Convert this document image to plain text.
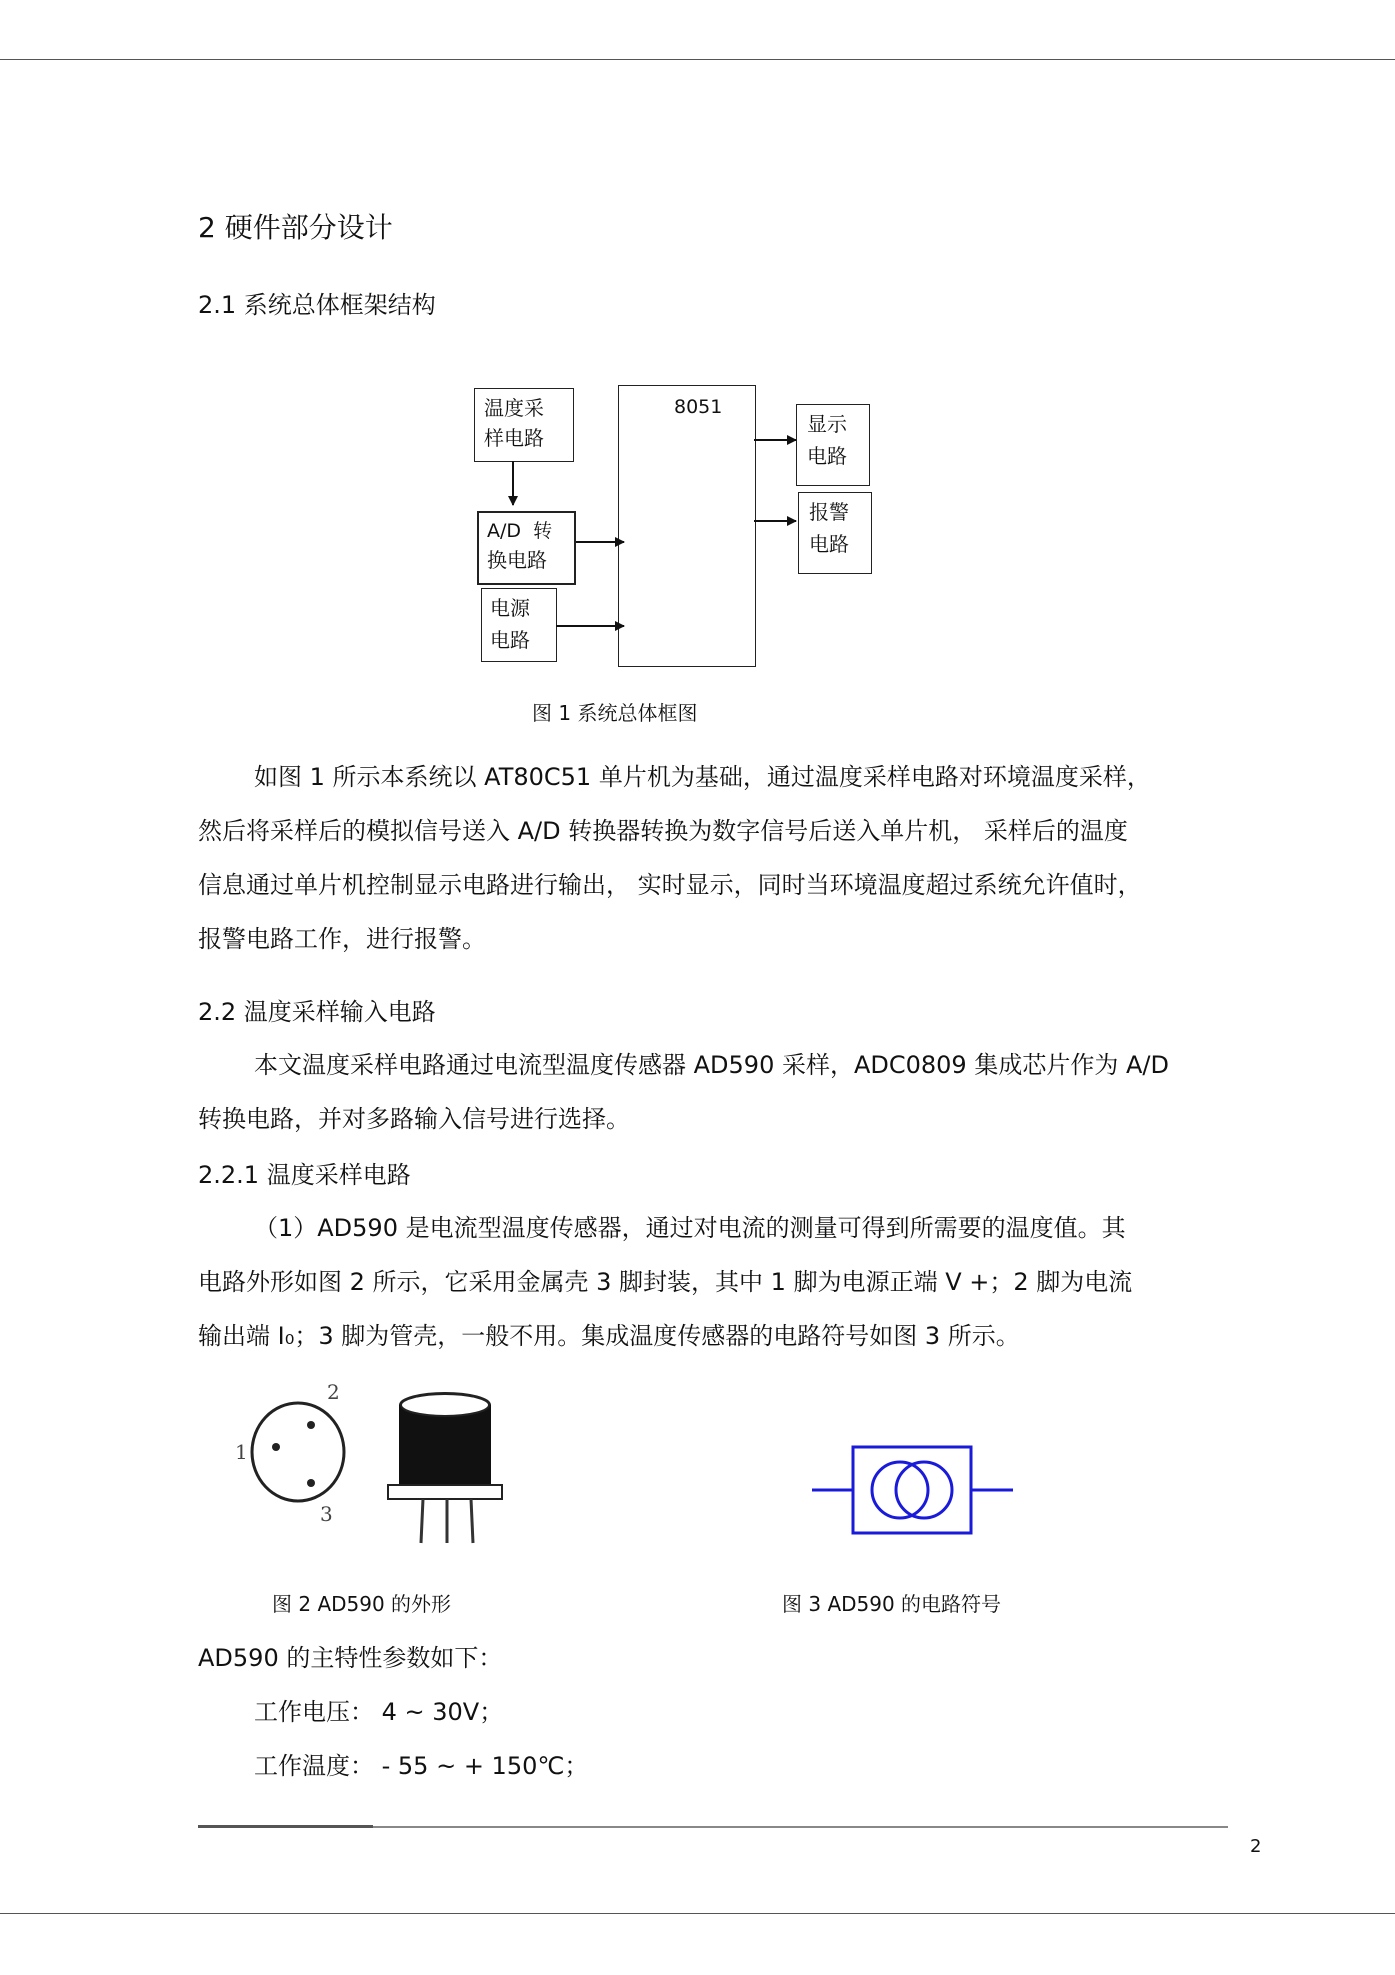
2 硬件部分设计
2.1 系统总体框架结构
温度采
样电路
8051
A/D  转
换电路
电源
电路
显示
电路
报警
电路
图 1 系统总体框图
如图 1 所示本系统以 AT80C51 单片机为基础，通过温度采样电路对环境温度采样，
然后将采样后的模拟信号送入 A/D 转换器转换为数字信号后送入单片机， 采样后的温度
信息通过单片机控制显示电路进行输出， 实时显示，同时当环境温度超过系统允许值时，
报警电路工作，进行报警。
2.2 温度采样输入电路
本文温度采样电路通过电流型温度传感器 AD590 采样，ADC0809 集成芯片作为 A/D
转换电路，并对多路输入信号进行选择。
2.2.1 温度采样电路
（1）AD590 是电流型温度传感器，通过对电流的测量可得到所需要的温度值。其
电路外形如图 2 所示，它采用金属壳 3 脚封装，其中 1 脚为电源正端 V +；2 脚为电流
输出端 I₀；3 脚为管壳，一般不用。集成温度传感器的电路符号如图 3 所示。
1
2
3
图 2 AD590 的外形	图 3 AD590 的电路符号
AD590 的主特性参数如下：
工作电压： 4 ~ 30V；
工作温度： - 55 ~ + 150℃；
2
